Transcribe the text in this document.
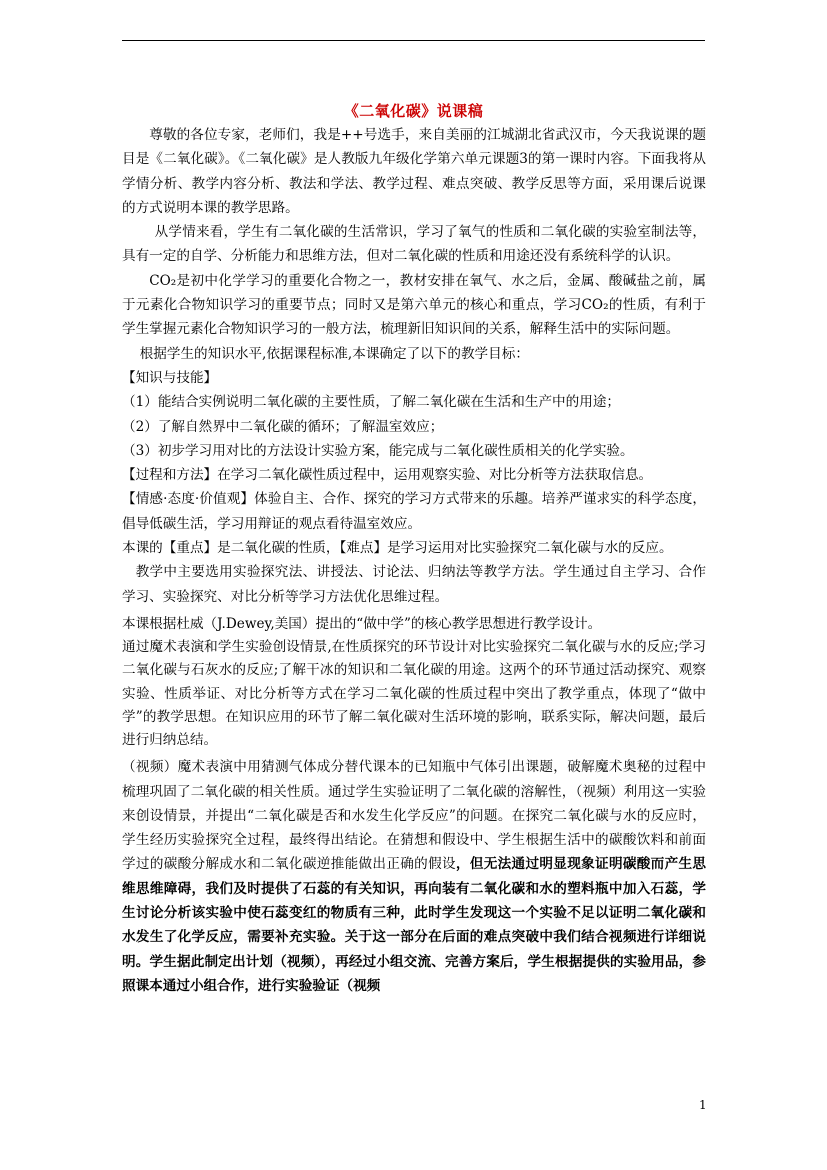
《二氧化碳》说课稿

尊敬的各位专家，老师们，我是++号选手，来自美丽的江城湖北省武汉市，今天我说课的题目是《二氧化碳》。《二氧化碳》是人教版九年级化学第六单元课题3的第一课时内容。下面我将从学情分析、教学内容分析、教法和学法、教学过程、难点突破、教学反思等方面，采用课后说课的方式说明本课的教学思路。

从学情来看，学生有二氧化碳的生活常识，学习了氧气的性质和二氧化碳的实验室制法等，具有一定的自学、分析能力和思维方法，但对二氧化碳的性质和用途还没有系统科学的认识。

CO₂是初中化学学习的重要化合物之一，教材安排在氧气、水之后，金属、酸碱盐之前，属于元素化合物知识学习的重要节点；同时又是第六单元的核心和重点，学习CO₂的性质，有利于学生掌握元素化合物知识学习的一般方法，梳理新旧知识间的关系，解释生活中的实际问题。

根据学生的知识水平,依据课程标准,本课确定了以下的教学目标：

【知识与技能】

（1）能结合实例说明二氧化碳的主要性质，了解二氧化碳在生活和生产中的用途；

（2）了解自然界中二氧化碳的循环；了解温室效应；

（3）初步学习用对比的方法设计实验方案，能完成与二氧化碳性质相关的化学实验。

【过程和方法】在学习二氧化碳性质过程中，运用观察实验、对比分析等方法获取信息。

【情感·态度·价值观】体验自主、合作、探究的学习方式带来的乐趣。培养严谨求实的科学态度，倡导低碳生活，学习用辩证的观点看待温室效应。

本课的【重点】是二氧化碳的性质，【难点】是学习运用对比实验探究二氧化碳与水的反应。

教学中主要选用实验探究法、讲授法、讨论法、归纳法等教学方法。学生通过自主学习、合作学习、实验探究、对比分析等学习方法优化思维过程。

本课根据杜威（J.Dewey,美国）提出的“做中学”的核心教学思想进行教学设计。

通过魔术表演和学生实验创设情景,在性质探究的环节设计对比实验探究二氧化碳与水的反应;学习二氧化碳与石灰水的反应;了解干冰的知识和二氧化碳的用途。这两个的环节通过活动探究、观察实验、性质举证、对比分析等方式在学习二氧化碳的性质过程中突出了教学重点，体现了“做中学”的教学思想。在知识应用的环节了解二氧化碳对生活环境的影响，联系实际，解决问题，最后进行归纳总结。

（视频）魔术表演中用猜测气体成分替代课本的已知瓶中气体引出课题，破解魔术奥秘的过程中梳理巩固了二氧化碳的相关性质。通过学生实验证明了二氧化碳的溶解性，（视频）利用这一实验来创设情景，并提出“二氧化碳是否和水发生化学反应”的问题。在探究二氧化碳与水的反应时，学生经历实验探究全过程，最终得出结论。在猜想和假设中、学生根据生活中的碳酸饮料和前面学过的碳酸分解成水和二氧化碳逆推能做出正确的假设，但无法通过明显现象证明碳酸而产生思维思维障碍，我们及时提供了石蕊的有关知识，再向装有二氧化碳和水的塑料瓶中加入石蕊，学生讨论分析该实验中使石蕊变红的物质有三种，此时学生发现这一个实验不足以证明二氧化碳和水发生了化学反应，需要补充实验。关于这一部分在后面的难点突破中我们结合视频进行详细说明。学生据此制定出计划（视频），再经过小组交流、完善方案后，学生根据提供的实验用品，参照课本通过小组合作，进行实验验证（视频

1
